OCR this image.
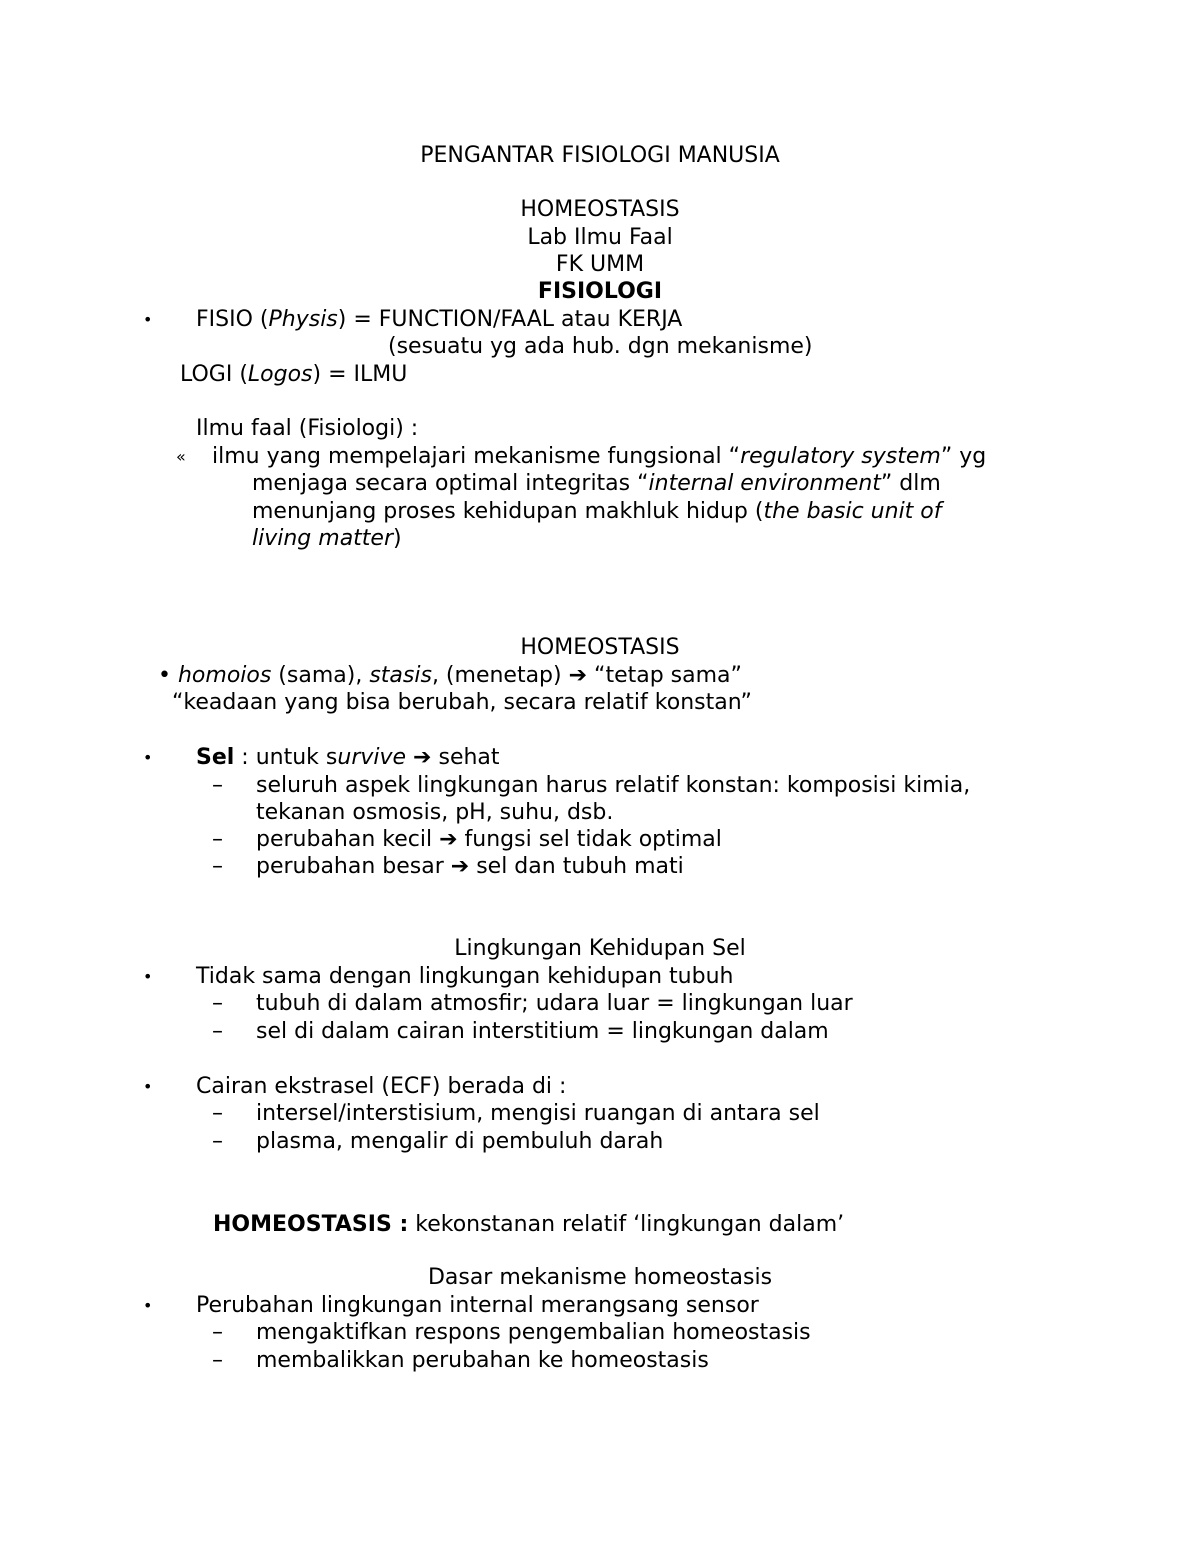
PENGANTAR FISIOLOGI MANUSIA
HOMEOSTASIS
Lab Ilmu Faal
FK UMM
FISIOLOGI
• FISIO (Physis) = FUNCTION/FAAL atau KERJA
(sesuatu yg ada hub. dgn mekanisme)
LOGI (Logos) = ILMU
Ilmu faal (Fisiologi) :
« ilmu yang mempelajari mekanisme fungsional “regulatory system” yg
menjaga secara optimal integritas “internal environment” dlm
menunjang proses kehidupan makhluk hidup (the basic unit of
living matter)
HOMEOSTASIS
• homoios (sama), stasis, (menetap) ➔ “tetap sama”
“keadaan yang bisa berubah, secara relatif konstan”
• Sel : untuk survive ➔ sehat
– seluruh aspek lingkungan harus relatif konstan: komposisi kimia,
tekanan osmosis, pH, suhu, dsb.
– perubahan kecil ➔ fungsi sel tidak optimal
– perubahan besar ➔ sel dan tubuh mati
Lingkungan Kehidupan Sel
• Tidak sama dengan lingkungan kehidupan tubuh
– tubuh di dalam atmosfir; udara luar = lingkungan luar
– sel di dalam cairan interstitium = lingkungan dalam
• Cairan ekstrasel (ECF) berada di :
– intersel/interstisium, mengisi ruangan di antara sel
– plasma, mengalir di pembuluh darah
HOMEOSTASIS : kekonstanan relatif ‘lingkungan dalam’
Dasar mekanisme homeostasis
• Perubahan lingkungan internal merangsang sensor
– mengaktifkan respons pengembalian homeostasis
– membalikkan perubahan ke homeostasis
